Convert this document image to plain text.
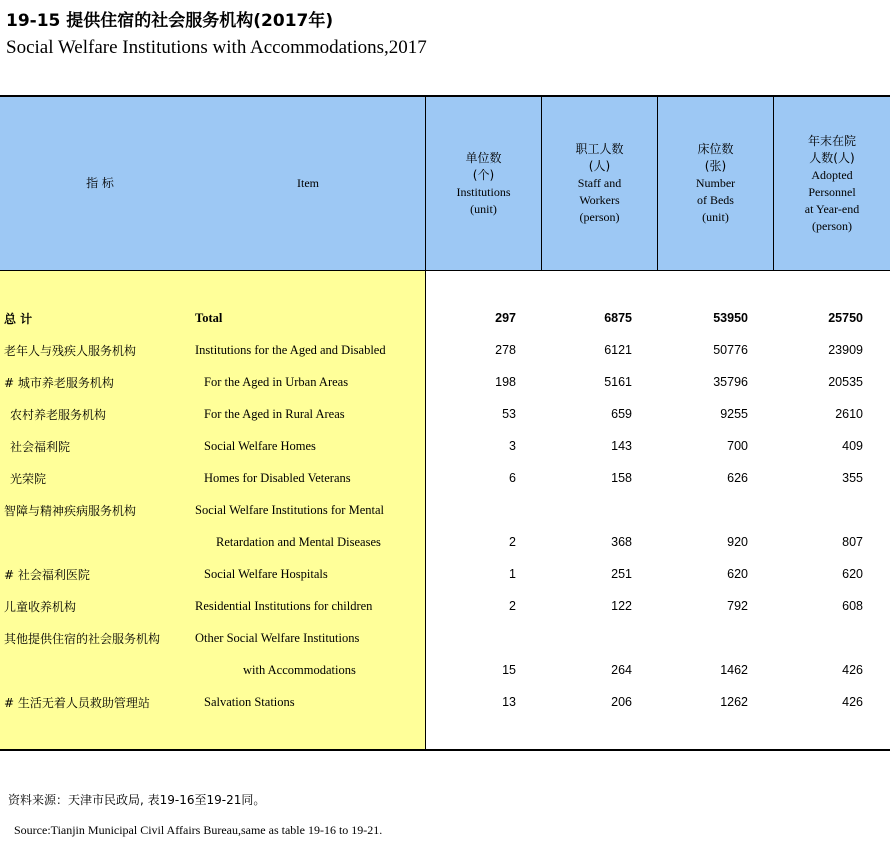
19-15 提供住宿的社会服务机构(2017年)
Social Welfare Institutions with Accommodations,2017
指 标	Item
单位数
(个)
Institutions
(unit)
职工人数
(人)
Staff and
Workers
(person)
床位数
(张)
Number
of Beds
(unit)
年末在院
人数(人)
Adopted
Personnel
at Year-end
(person)
总 计	Total	297	6875	53950	25750
老年人与残疾人服务机构	Institutions for the Aged and Disabled	278	6121	50776	23909
# 城市养老服务机构	For the Aged in Urban Areas	198	5161	35796	20535
农村养老服务机构	For the Aged in Rural Areas	53	659	9255	2610
社会福利院	Social Welfare Homes	3	143	700	409
光荣院	Homes for Disabled Veterans	6	158	626	355
智障与精神疾病服务机构	Social Welfare Institutions for Mental
Retardation and Mental Diseases	2	368	920	807
# 社会福利医院	Social Welfare Hospitals	1	251	620	620
儿童收养机构	Residential Institutions for children	2	122	792	608
其他提供住宿的社会服务机构	Other Social Welfare Institutions
with Accommodations	15	264	1462	426
# 生活无着人员救助管理站	Salvation Stations	13	206	1262	426
资料来源：天津市民政局, 表19-16至19-21同。
Source:Tianjin Municipal Civil Affairs Bureau,same as table 19-16 to 19-21.
